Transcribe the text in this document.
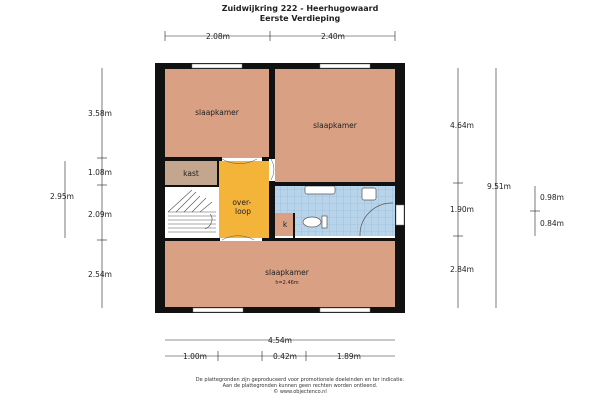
Zuidwijkring 222 - Heerhugowaard
Eerste Verdieping
slaapkamer
slaapkamer
kast
over- loop
k
slaapkamer
h=2.46m
2.08m	2.40m
3.58m
1.08m
2.09m
2.54m
2.95m
4.64m
1.90m
2.84m
9.51m
0.98m
0.84m
4.54m
1.00m	0.42m	1.89m
De plattegronden zijn geproduceerd voor promotionele doeleinden en ter indicatie.
Aan de plattegronden kunnen geen rechten worden ontleend.
© www.objectenco.nl
